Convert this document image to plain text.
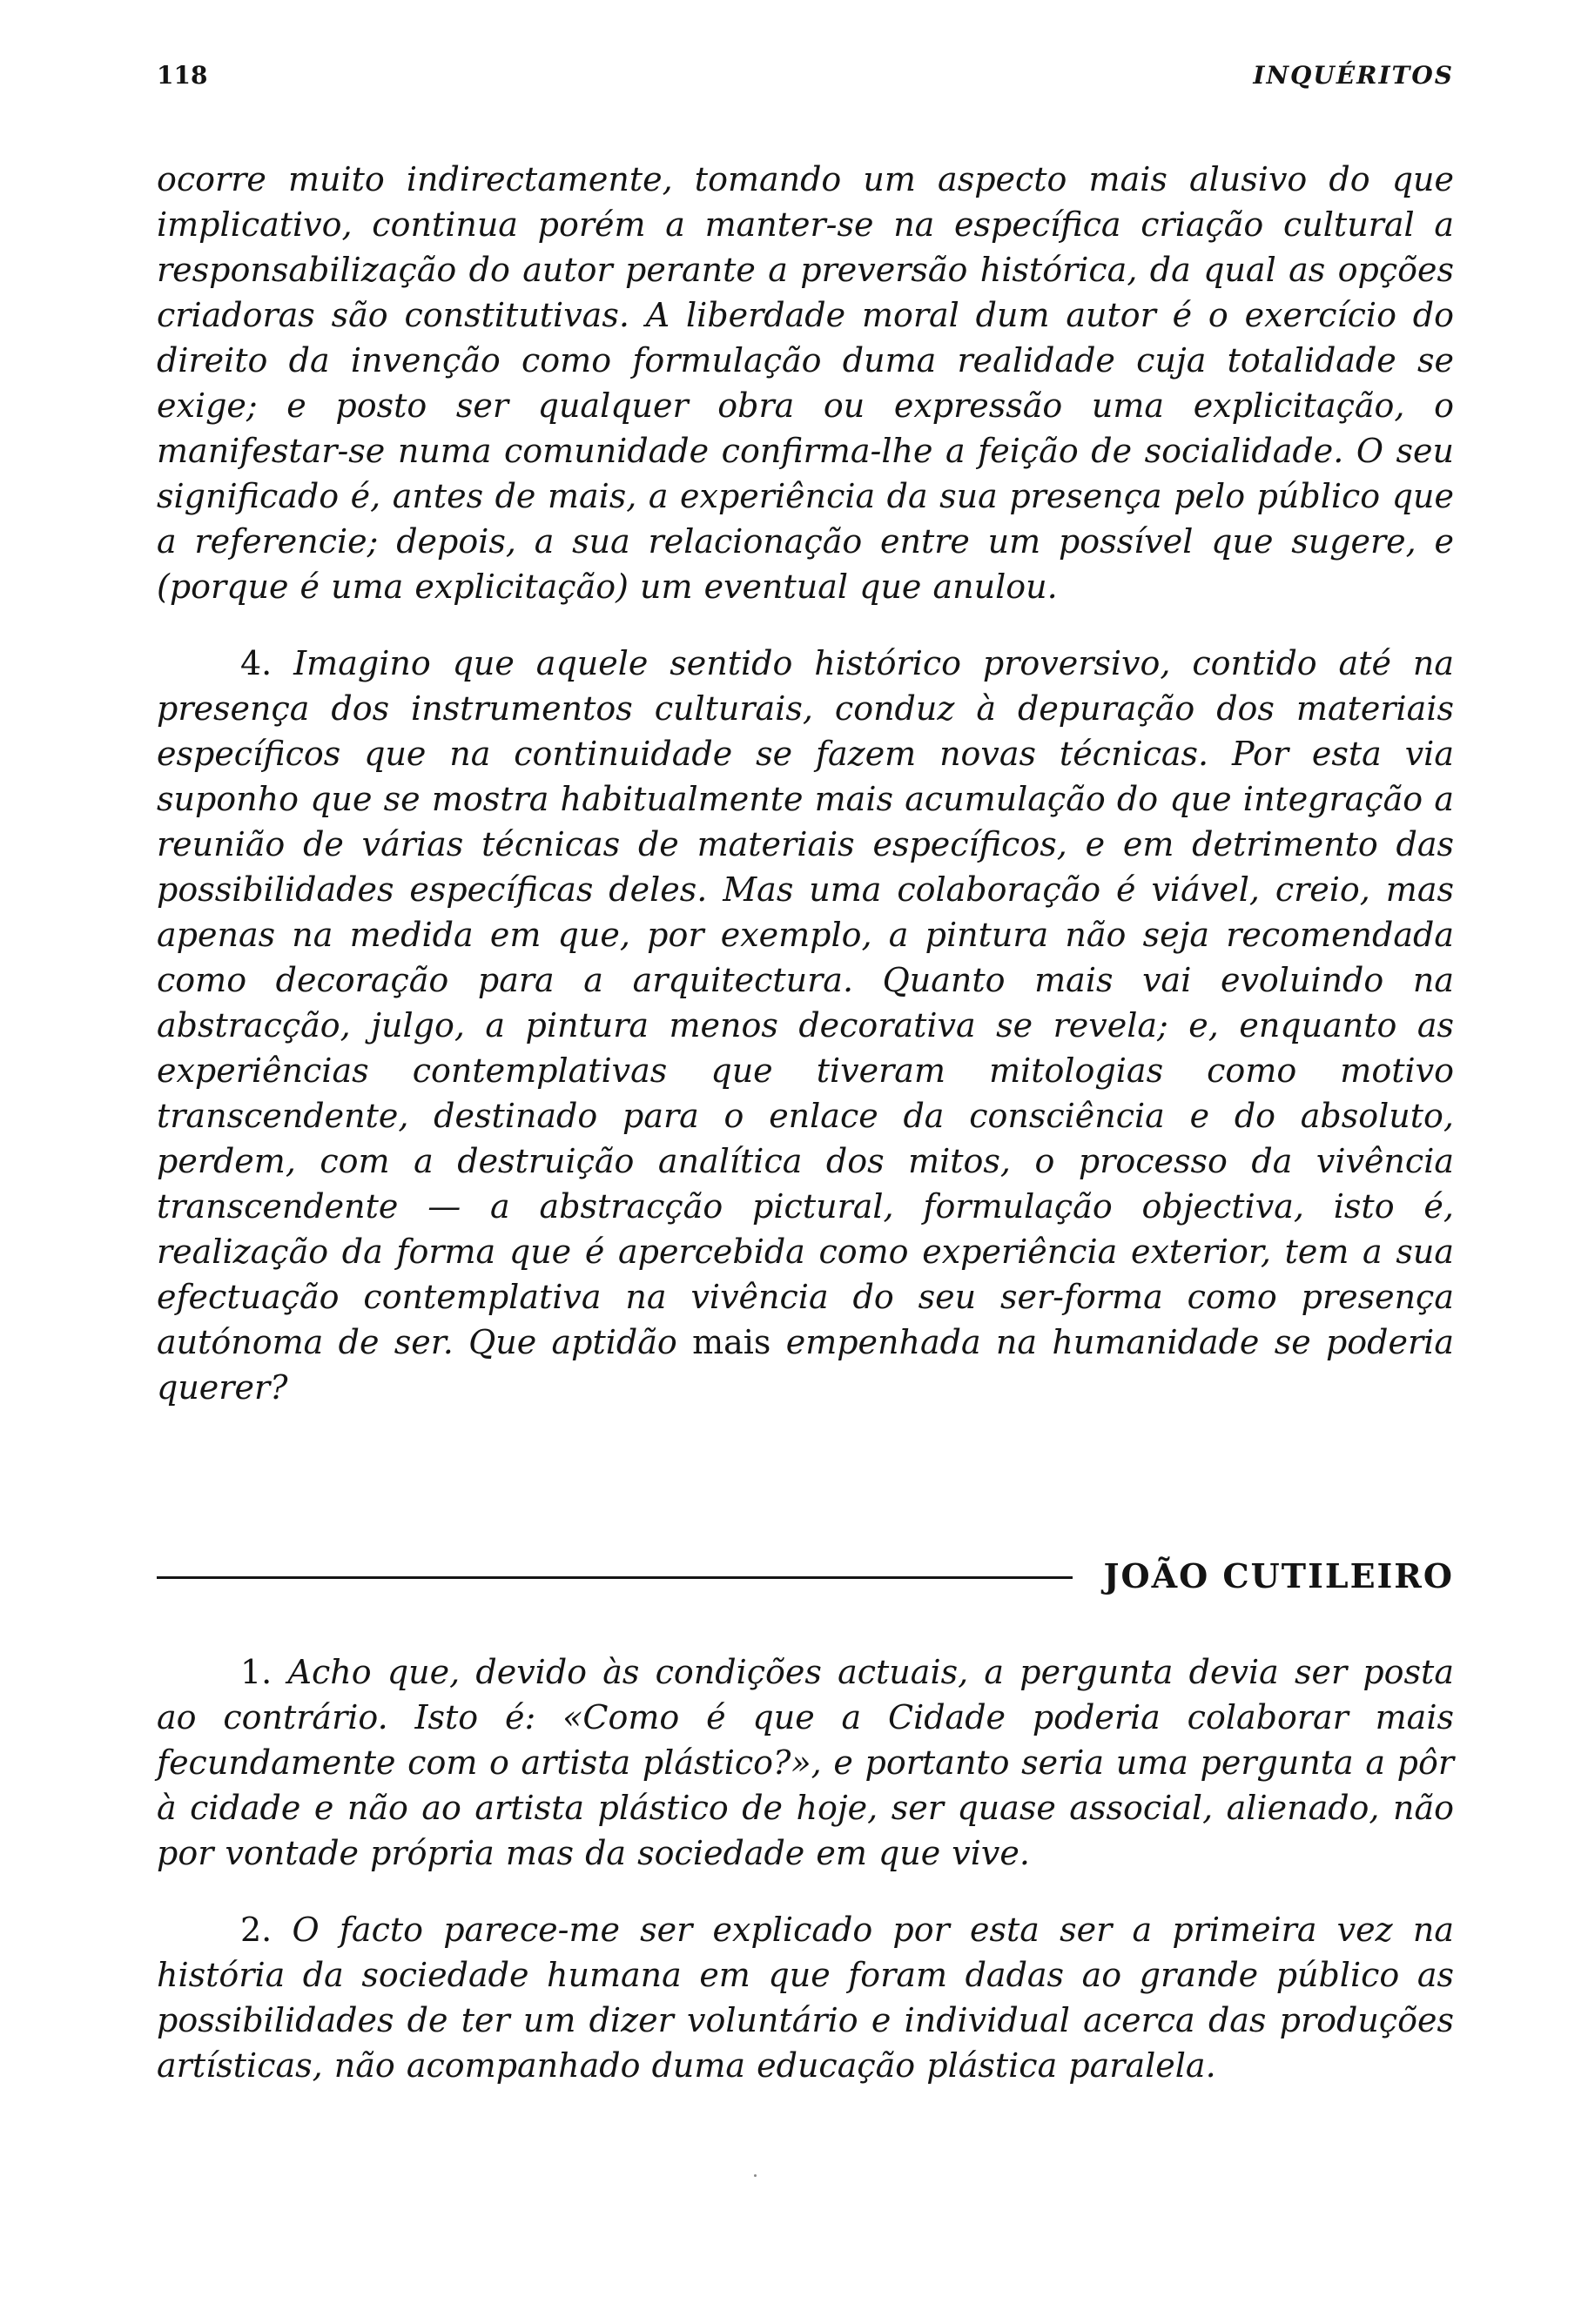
118	INQUÉRITOS

ocorre muito indirectamente, tomando um aspecto mais alusivo do que implicativo, continua porém a manter-se na específica criação cultural a responsabilização do autor perante a preversão histórica, da qual as opções criadoras são constitutivas. A liberdade moral dum autor é o exercício do direito da invenção como formulação duma realidade cuja totalidade se exige; e posto ser qualquer obra ou expressão uma explicitação, o manifestar-se numa comunidade confirma-lhe a feição de socialidade. O seu significado é, antes de mais, a experiência da sua presença pelo público que a referencie; depois, a sua relacionação entre um possível que sugere, e (porque é uma explicitação) um eventual que anulou.

4. Imagino que aquele sentido histórico proversivo, contido até na presença dos instrumentos culturais, conduz à depuração dos materiais específicos que na continuidade se fazem novas técnicas. Por esta via suponho que se mostra habitualmente mais acumulação do que integração a reunião de várias técnicas de materiais específicos, e em detrimento das possibilidades específicas deles. Mas uma colaboração é viável, creio, mas apenas na medida em que, por exemplo, a pintura não seja recomendada como decoração para a arquitectura. Quanto mais vai evoluindo na abstracção, julgo, a pintura menos decorativa se revela; e, enquanto as experiências contemplativas que tiveram mitologias como motivo transcendente, destinado para o enlace da consciência e do absoluto, perdem, com a destruição analítica dos mitos, o processo da vivência transcendente — a abstracção pictural, formulação objectiva, isto é, realização da forma que é apercebida como experiência exterior, tem a sua efectuação contemplativa na vivência do seu ser-forma como presença autónoma de ser. Que aptidão mais empenhada na humanidade se poderia querer?

JOÃO CUTILEIRO

1. Acho que, devido às condições actuais, a pergunta devia ser posta ao contrário. Isto é: «Como é que a Cidade poderia colaborar mais fecundamente com o artista plástico?», e portanto seria uma pergunta a pôr à cidade e não ao artista plástico de hoje, ser quase associal, alienado, não por vontade própria mas da sociedade em que vive.

2. O facto parece-me ser explicado por esta ser a primeira vez na história da sociedade humana em que foram dadas ao grande público as possibilidades de ter um dizer voluntário e individual acerca das produções artísticas, não acompanhado duma educação plástica paralela.
